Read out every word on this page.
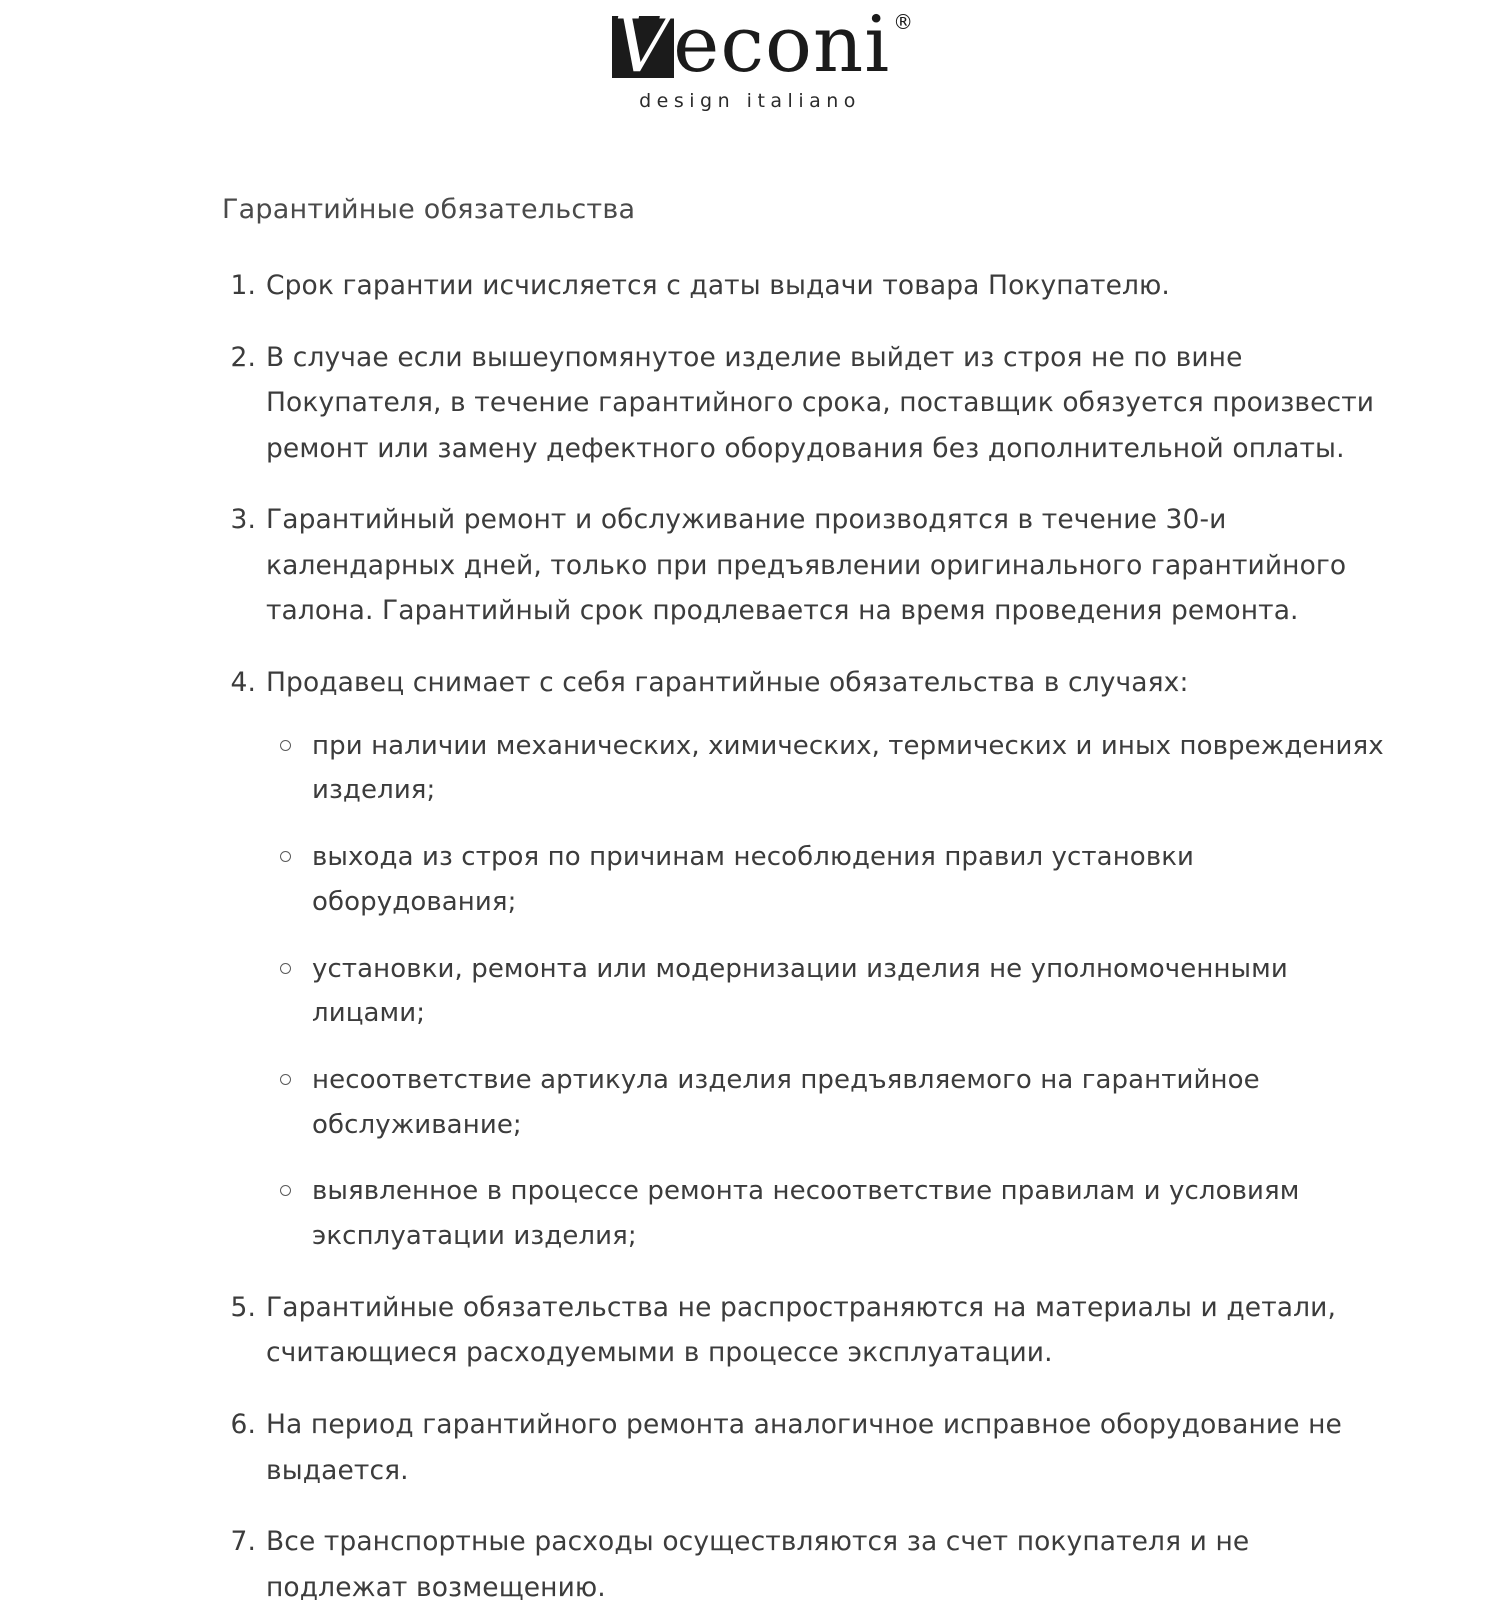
Veconi ®
design italiano
Гарантийные обязательства
1. Срок гарантии исчисляется с даты выдачи товара Покупателю.
2. В случае если вышеупомянутое изделие выйдет из строя не по вине Покупателя, в течение гарантийного срока, поставщик обязуется произвести ремонт или замену дефектного оборудования без дополнительной оплаты.
3. Гарантийный ремонт и обслуживание производятся в течение 30-и календарных дней, только при предъявлении оригинального гарантийного талона. Гарантийный срок продлевается на время проведения ремонта.
4. Продавец снимает с себя гарантийные обязательства в случаях:
при наличии механических, химических, термических и иных повреждениях изделия;
выхода из строя по причинам несоблюдения правил установки оборудования;
установки, ремонта или модернизации изделия не уполномоченными лицами;
несоответствие артикула изделия предъявляемого на гарантийное обслуживание;
выявленное в процессе ремонта несоответствие правилам и условиям эксплуатации изделия;
5. Гарантийные обязательства не распространяются на материалы и детали, считающиеся расходуемыми в процессе эксплуатации.
6. На период гарантийного ремонта аналогичное исправное оборудование не выдается.
7. Все транспортные расходы осуществляются за счет покупателя и не подлежат возмещению.
